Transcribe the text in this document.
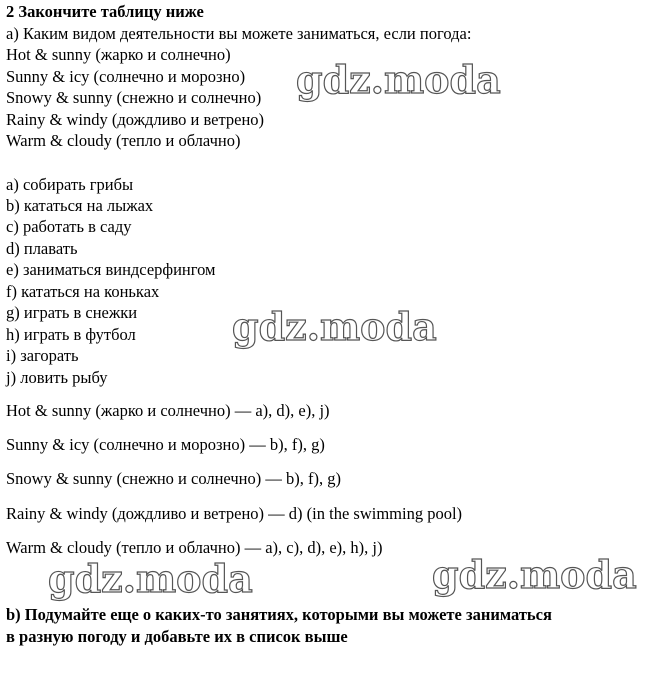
2 Закончите таблицу ниже
а) Каким видом деятельности вы можете заниматься, если погода:
Hot & sunny (жарко и солнечно)
Sunny & icy (солнечно и морозно)
Snowy & sunny (снежно и солнечно)
Rainy & windy (дождливо и ветрено)
Warm & cloudy (тепло и облачно)
a) собирать грибы
b) кататься на лыжах
c) работать в саду
d) плавать
e) заниматься виндсерфингом
f) кататься на коньках
g) играть в снежки
h) играть в футбол
i) загорать
j) ловить рыбу
Hot & sunny (жарко и солнечно) — a), d), e), j)
Sunny & icy (солнечно и морозно) — b), f), g)
Snowy & sunny (снежно и солнечно) — b), f), g)
Rainy & windy (дождливо и ветрено) — d) (in the swimming pool)
Warm & cloudy (тепло и облачно) — a), c), d), e), h), j)
b) Подумайте еще о каких-то занятиях, которыми вы можете заниматься
в разную погоду и добавьте их в список выше
gdz.moda
gdz.moda
gdz.moda	gdz.moda
